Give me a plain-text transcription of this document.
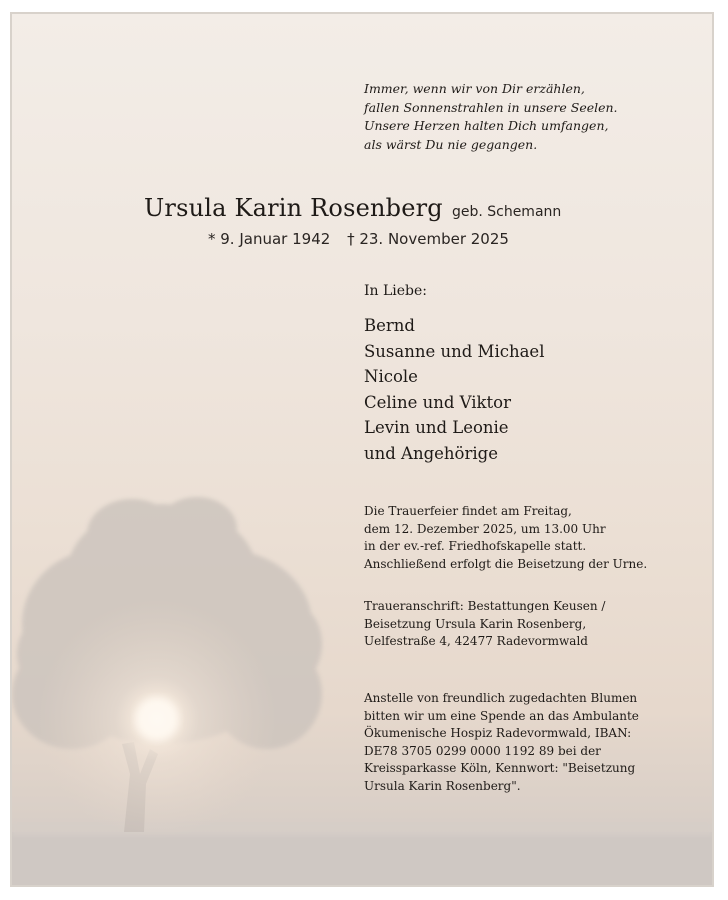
Immer, wenn wir von Dir erzählen,
fallen Sonnenstrahlen in unsere Seelen.
Unsere Herzen halten Dich umfangen,
als wärst Du nie gegangen.
Ursula Karin Rosenberg geb. Schemann
* 9. Januar 1942 † 23. November 2025
In Liebe:
Bernd
Susanne und Michael
Nicole
Celine und Viktor
Levin und Leonie
und Angehörige
Die Trauerfeier findet am Freitag,
dem 12. Dezember 2025, um 13.00 Uhr
in der ev.-ref. Friedhofskapelle statt.
Anschließend erfolgt die Beisetzung der Urne.
Traueranschrift: Bestattungen Keusen /
Beisetzung Ursula Karin Rosenberg,
Uelfestraße 4, 42477 Radevormwald
Anstelle von freundlich zugedachten Blumen
bitten wir um eine Spende an das Ambulante
Ökumenische Hospiz Radevormwald, IBAN:
DE78 3705 0299 0000 1192 89 bei der
Kreissparkasse Köln, Kennwort: "Beisetzung
Ursula Karin Rosenberg".
